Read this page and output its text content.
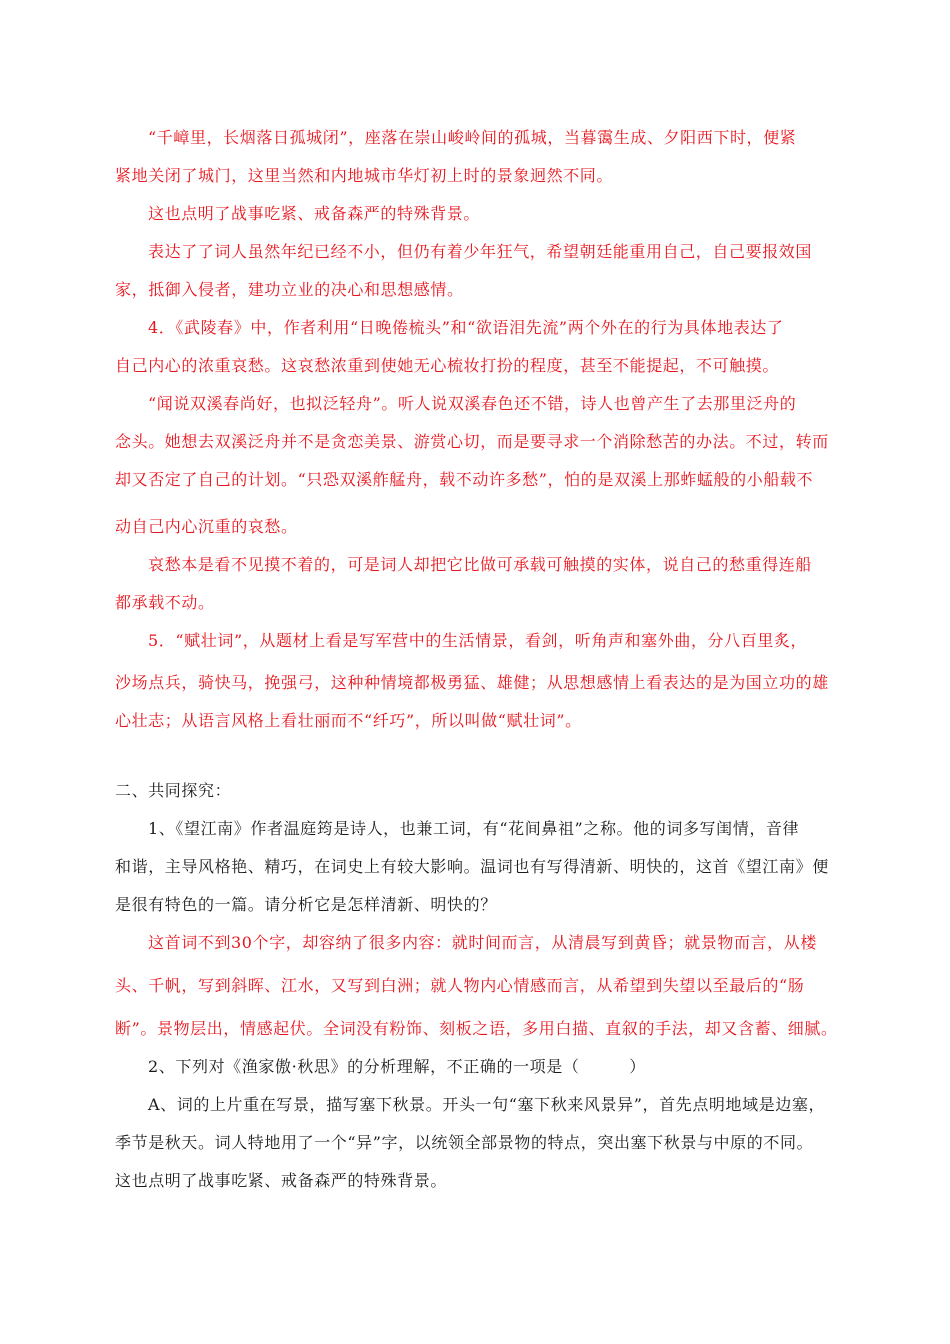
“千嶂里，长烟落日孤城闭”，座落在崇山峻岭间的孤城，当暮霭生成、夕阳西下时，便紧
紧地关闭了城门，这里当然和内地城市华灯初上时的景象迥然不同。
这也点明了战事吃紧、戒备森严的特殊背景。
表达了了词人虽然年纪已经不小，但仍有着少年狂气，希望朝廷能重用自己，自己要报效国
家，抵御入侵者，建功立业的决心和思想感情。
4．《武陵春》中，作者利用“日晚倦梳头”和“欲语泪先流”两个外在的行为具体地表达了
自己内心的浓重哀愁。这哀愁浓重到使她无心梳妆打扮的程度，甚至不能提起，不可触摸。
“闻说双溪春尚好，也拟泛轻舟”。听人说双溪春色还不错，诗人也曾产生了去那里泛舟的
念头。她想去双溪泛舟并不是贪恋美景、游赏心切，而是要寻求一个消除愁苦的办法。不过，转而
却又否定了自己的计划。“只恐双溪舴艋舟，载不动许多愁”，怕的是双溪上那蚱蜢般的小船载不
动自己内心沉重的哀愁。
哀愁本是看不见摸不着的，可是词人却把它比做可承载可触摸的实体，说自己的愁重得连船
都承载不动。
5．“赋壮词”，从题材上看是写军营中的生活情景，看剑，听角声和塞外曲，分八百里炙，
沙场点兵，骑快马，挽强弓，这种种情境都极勇猛、雄健；从思想感情上看表达的是为国立功的雄
心壮志；从语言风格上看壮丽而不“纤巧”，所以叫做“赋壮词”。
二、共同探究：
1、《望江南》作者温庭筠是诗人，也兼工词，有“花间鼻祖”之称。他的词多写闺情，音律
和谐，主导风格艳、精巧，在词史上有较大影响。温词也有写得清新、明快的，这首《望江南》便
是很有特色的一篇。请分析它是怎样清新、明快的？
这首词不到30个字，却容纳了很多内容：就时间而言，从清晨写到黄昏；就景物而言，从楼
头、千帆，写到斜晖、江水，又写到白洲；就人物内心情感而言，从希望到失望以至最后的“肠
断”。景物层出，情感起伏。全词没有粉饰、刻板之语，多用白描、直叙的手法，却又含蓄、细腻。
2、下列对《渔家傲·秋思》的分析理解，不正确的一项是（　　　）
A、词的上片重在写景，描写塞下秋景。开头一句“塞下秋来风景异”，首先点明地域是边塞，
季节是秋天。词人特地用了一个“异”字，以统领全部景物的特点，突出塞下秋景与中原的不同。
这也点明了战事吃紧、戒备森严的特殊背景。
